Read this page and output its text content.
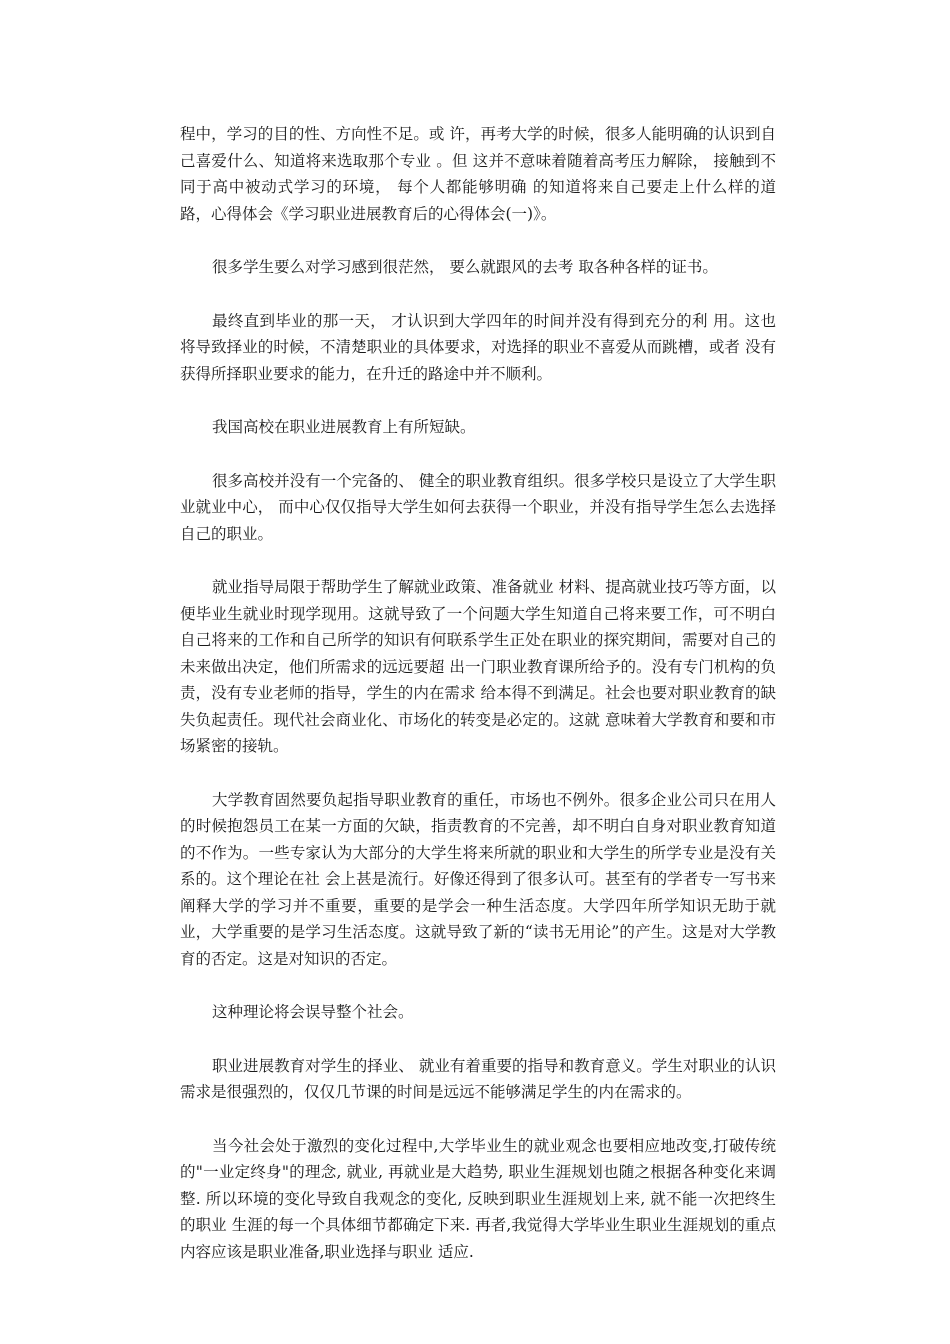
程中，学习的目的性、方向性不足。或 许，再考大学的时候，很多人能明确的认识到自己喜爱什么、知道将来选取那个专业 。但 这并不意味着随着高考压力解除， 接触到不同于高中被动式学习的环境， 每个人都能够明确 的知道将来自己要走上什么样的道路，心得体会《学习职业进展教育后的心得体会(一)》。

很多学生要么对学习感到很茫然， 要么就跟风的去考 取各种各样的证书。

最终直到毕业的那一天， 才认识到大学四年的时间并没有得到充分的利 用。这也将导致择业的时候，不清楚职业的具体要求，对选择的职业不喜爱从而跳槽，或者 没有获得所择职业要求的能力，在升迁的路途中并不顺利。

我国高校在职业进展教育上有所短缺。

很多高校并没有一个完备的、 健全的职业教育组织。很多学校只是设立了大学生职业就业中心， 而中心仅仅指导大学生如何去获得一个职业，并没有指导学生怎么去选择自己的职业。

就业指导局限于帮助学生了解就业政策、准备就业 材料、提高就业技巧等方面，以便毕业生就业时现学现用。这就导致了一个问题大学生知道自己将来要工作，可不明白自己将来的工作和自己所学的知识有何联系学生正处在职业的探究期间，需要对自己的未来做出决定，他们所需求的远远要超 出一门职业教育课所给予的。没有专门机构的负责，没有专业老师的指导，学生的内在需求 给本得不到满足。社会也要对职业教育的缺失负起责任。现代社会商业化、市场化的转变是必定的。这就 意味着大学教育和要和市场紧密的接轨。

大学教育固然要负起指导职业教育的重任，市场也不例外。很多企业公司只在用人的时候抱怨员工在某一方面的欠缺，指责教育的不完善，却不明白自身对职业教育知道的不作为。一些专家认为大部分的大学生将来所就的职业和大学生的所学专业是没有关系的。这个理论在社 会上甚是流行。好像还得到了很多认可。甚至有的学者专一写书来阐释大学的学习并不重要，重要的是学会一种生活态度。大学四年所学知识无助于就业，大学重要的是学习生活态度。这就导致了新的“读书无用论”的产生。这是对大学教育的否定。这是对知识的否定。

这种理论将会误导整个社会。

职业进展教育对学生的择业、 就业有着重要的指导和教育意义。学生对职业的认识需求是很强烈的，仅仅几节课的时间是远远不能够满足学生的内在需求的。

当今社会处于激烈的变化过程中,大学毕业生的就业观念也要相应地改变,打破传统 的"一业定终身"的理念, 就业, 再就业是大趋势, 职业生涯规划也随之根据各种变化来调整. 所以环境的变化导致自我观念的变化, 反映到职业生涯规划上来, 就不能一次把终生的职业 生涯的每一个具体细节都确定下来. 再者,我觉得大学毕业生职业生涯规划的重点内容应该是职业准备,职业选择与职业 适应.
